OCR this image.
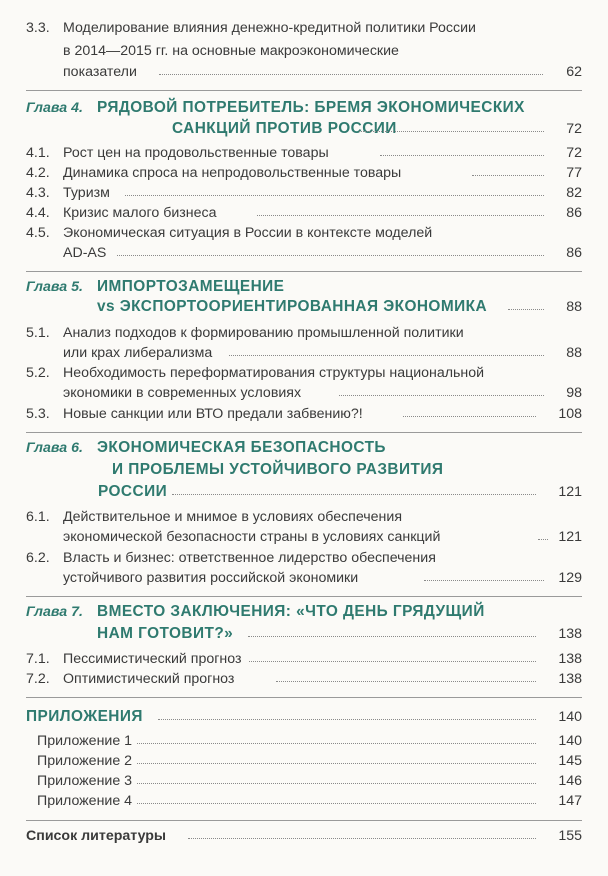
3.3. Моделирование влияния денежно-кредитной политики России
в 2014—2015 гг. на основные макроэкономические
показатели	62
Глава 4. РЯДОВОЙ ПОТРЕБИТЕЛЬ: БРЕМЯ ЭКОНОМИЧЕСКИХ
САНКЦИЙ ПРОТИВ РОССИИ	72
4.1. Рост цен на продовольственные товары	72
4.2. Динамика спроса на непродовольственные товары	77
4.3. Туризм	82
4.4. Кризис малого бизнеса	86
4.5. Экономическая ситуация в России в контексте моделей
AD-AS	86
Глава 5. ИМПОРТОЗАМЕЩЕНИЕ
vs ЭКСПОРТООРИЕНТИРОВАННАЯ ЭКОНОМИКА	88
5.1. Анализ подходов к формированию промышленной политики
или крах либерализма	88
5.2. Необходимость переформатирования структуры национальной
экономики в современных условиях	98
5.3. Новые санкции или ВТО предали забвению?!	108
Глава 6. ЭКОНОМИЧЕСКАЯ БЕЗОПАСНОСТЬ
И ПРОБЛЕМЫ УСТОЙЧИВОГО РАЗВИТИЯ
РОССИИ	121
6.1. Действительное и мнимое в условиях обеспечения
экономической безопасности страны в условиях санкций	121
6.2. Власть и бизнес: ответственное лидерство обеспечения
устойчивого развития российской экономики	129
Глава 7. ВМЕСТО ЗАКЛЮЧЕНИЯ: «ЧТО ДЕНЬ ГРЯДУЩИЙ
НАМ ГОТОВИТ?»	138
7.1. Пессимистический прогноз	138
7.2. Оптимистический прогноз	138
ПРИЛОЖЕНИЯ	140
Приложение 1	140
Приложение 2	145
Приложение 3	146
Приложение 4	147
Список литературы	155
